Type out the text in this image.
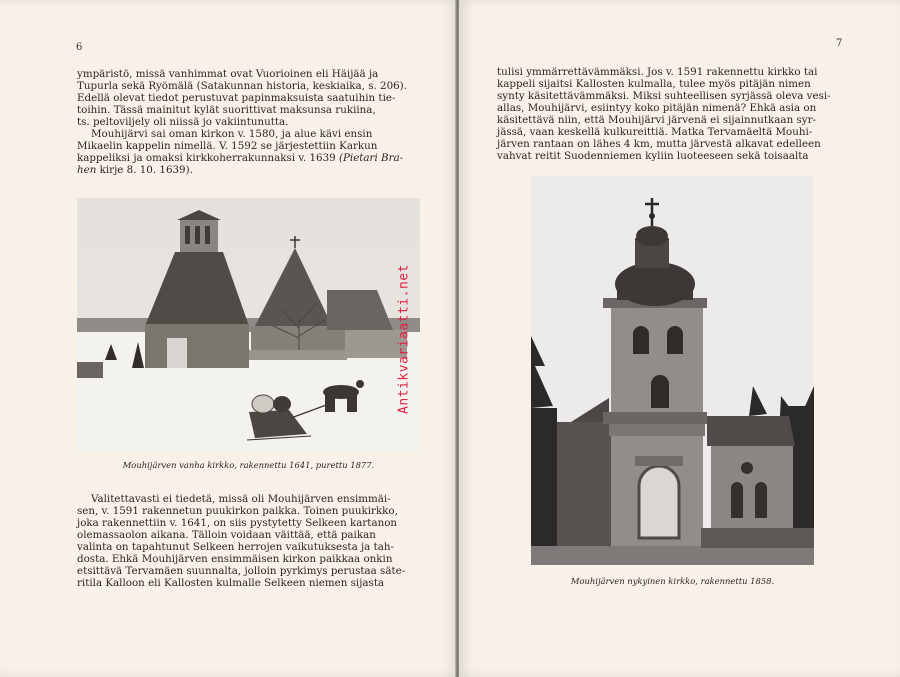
6

ympäristö, missä vanhimmat ovat Vuorioinen eli Häijää ja

Tupurla sekä Ryömälä (Satakunnan historia, keskiaika, s. 206).

Edellä olevat tiedot perustuvat papinmaksuista saatuihin tie-

toihin. Tässä mainitut kylät suorittivat maksunsa rukiina,

ts. peltoviljely oli niissä jo vakiintunutta.

Mouhijärvi sai oman kirkon v. 1580, ja alue kävi ensin

Mikaelin kappelin nimellä. V. 1592 se järjestettiin Karkun

kappeliksi ja omaksi kirkkoherrakunnaksi v. 1639 (Pietari Bra-

hen kirje 8. 10. 1639).

Antikvariaatti.net
Mouhijärven vanha kirkko, rakennettu 1641, purettu 1877.

Valitettavasti ei tiedetä, missä oli Mouhijärven ensimmäi-

sen, v. 1591 rakennetun puukirkon paikka. Toinen puukirkko,

joka rakennettiin v. 1641, on siis pystytetty Selkeen kartanon

olemassaolon aikana. Tälloin voidaan väittää, että paikan

valinta on tapahtunut Selkeen herrojen vaikutuksesta ja tah-

dosta. Ehkä Mouhijärven ensimmäisen kirkon paikkaa onkin

etsittävä Tervamäen suunnalta, jolloin pyrkimys perustaa säte-

ritila Kalloon eli Kallosten kulmalle Selkeen niemen sijasta

7

tulisi ymmärrettävämmäksi. Jos v. 1591 rakennettu kirkko tai

kappeli sijaitsi Kallosten kulmalla, tulee myös pitäjän nimen

synty käsitettävämmäksi. Miksi suhteellisen syrjässä oleva vesi-

allas, Mouhijärvi, esiintyy koko pitäjän nimenä? Ehkä asia on

käsitettävä niin, että Mouhijärvi järvenä ei sijainnutkaan syr-

jässä, vaan keskellä kulkureittiä. Matka Tervamäeltä Mouhi-

järven rantaan on lähes 4 km, mutta järvestä alkavat edelleen

vahvat reitit Suodenniemen kyliin luoteeseen sekä toisaalta

Mouhijärven nykyinen kirkko, rakennettu 1858.
